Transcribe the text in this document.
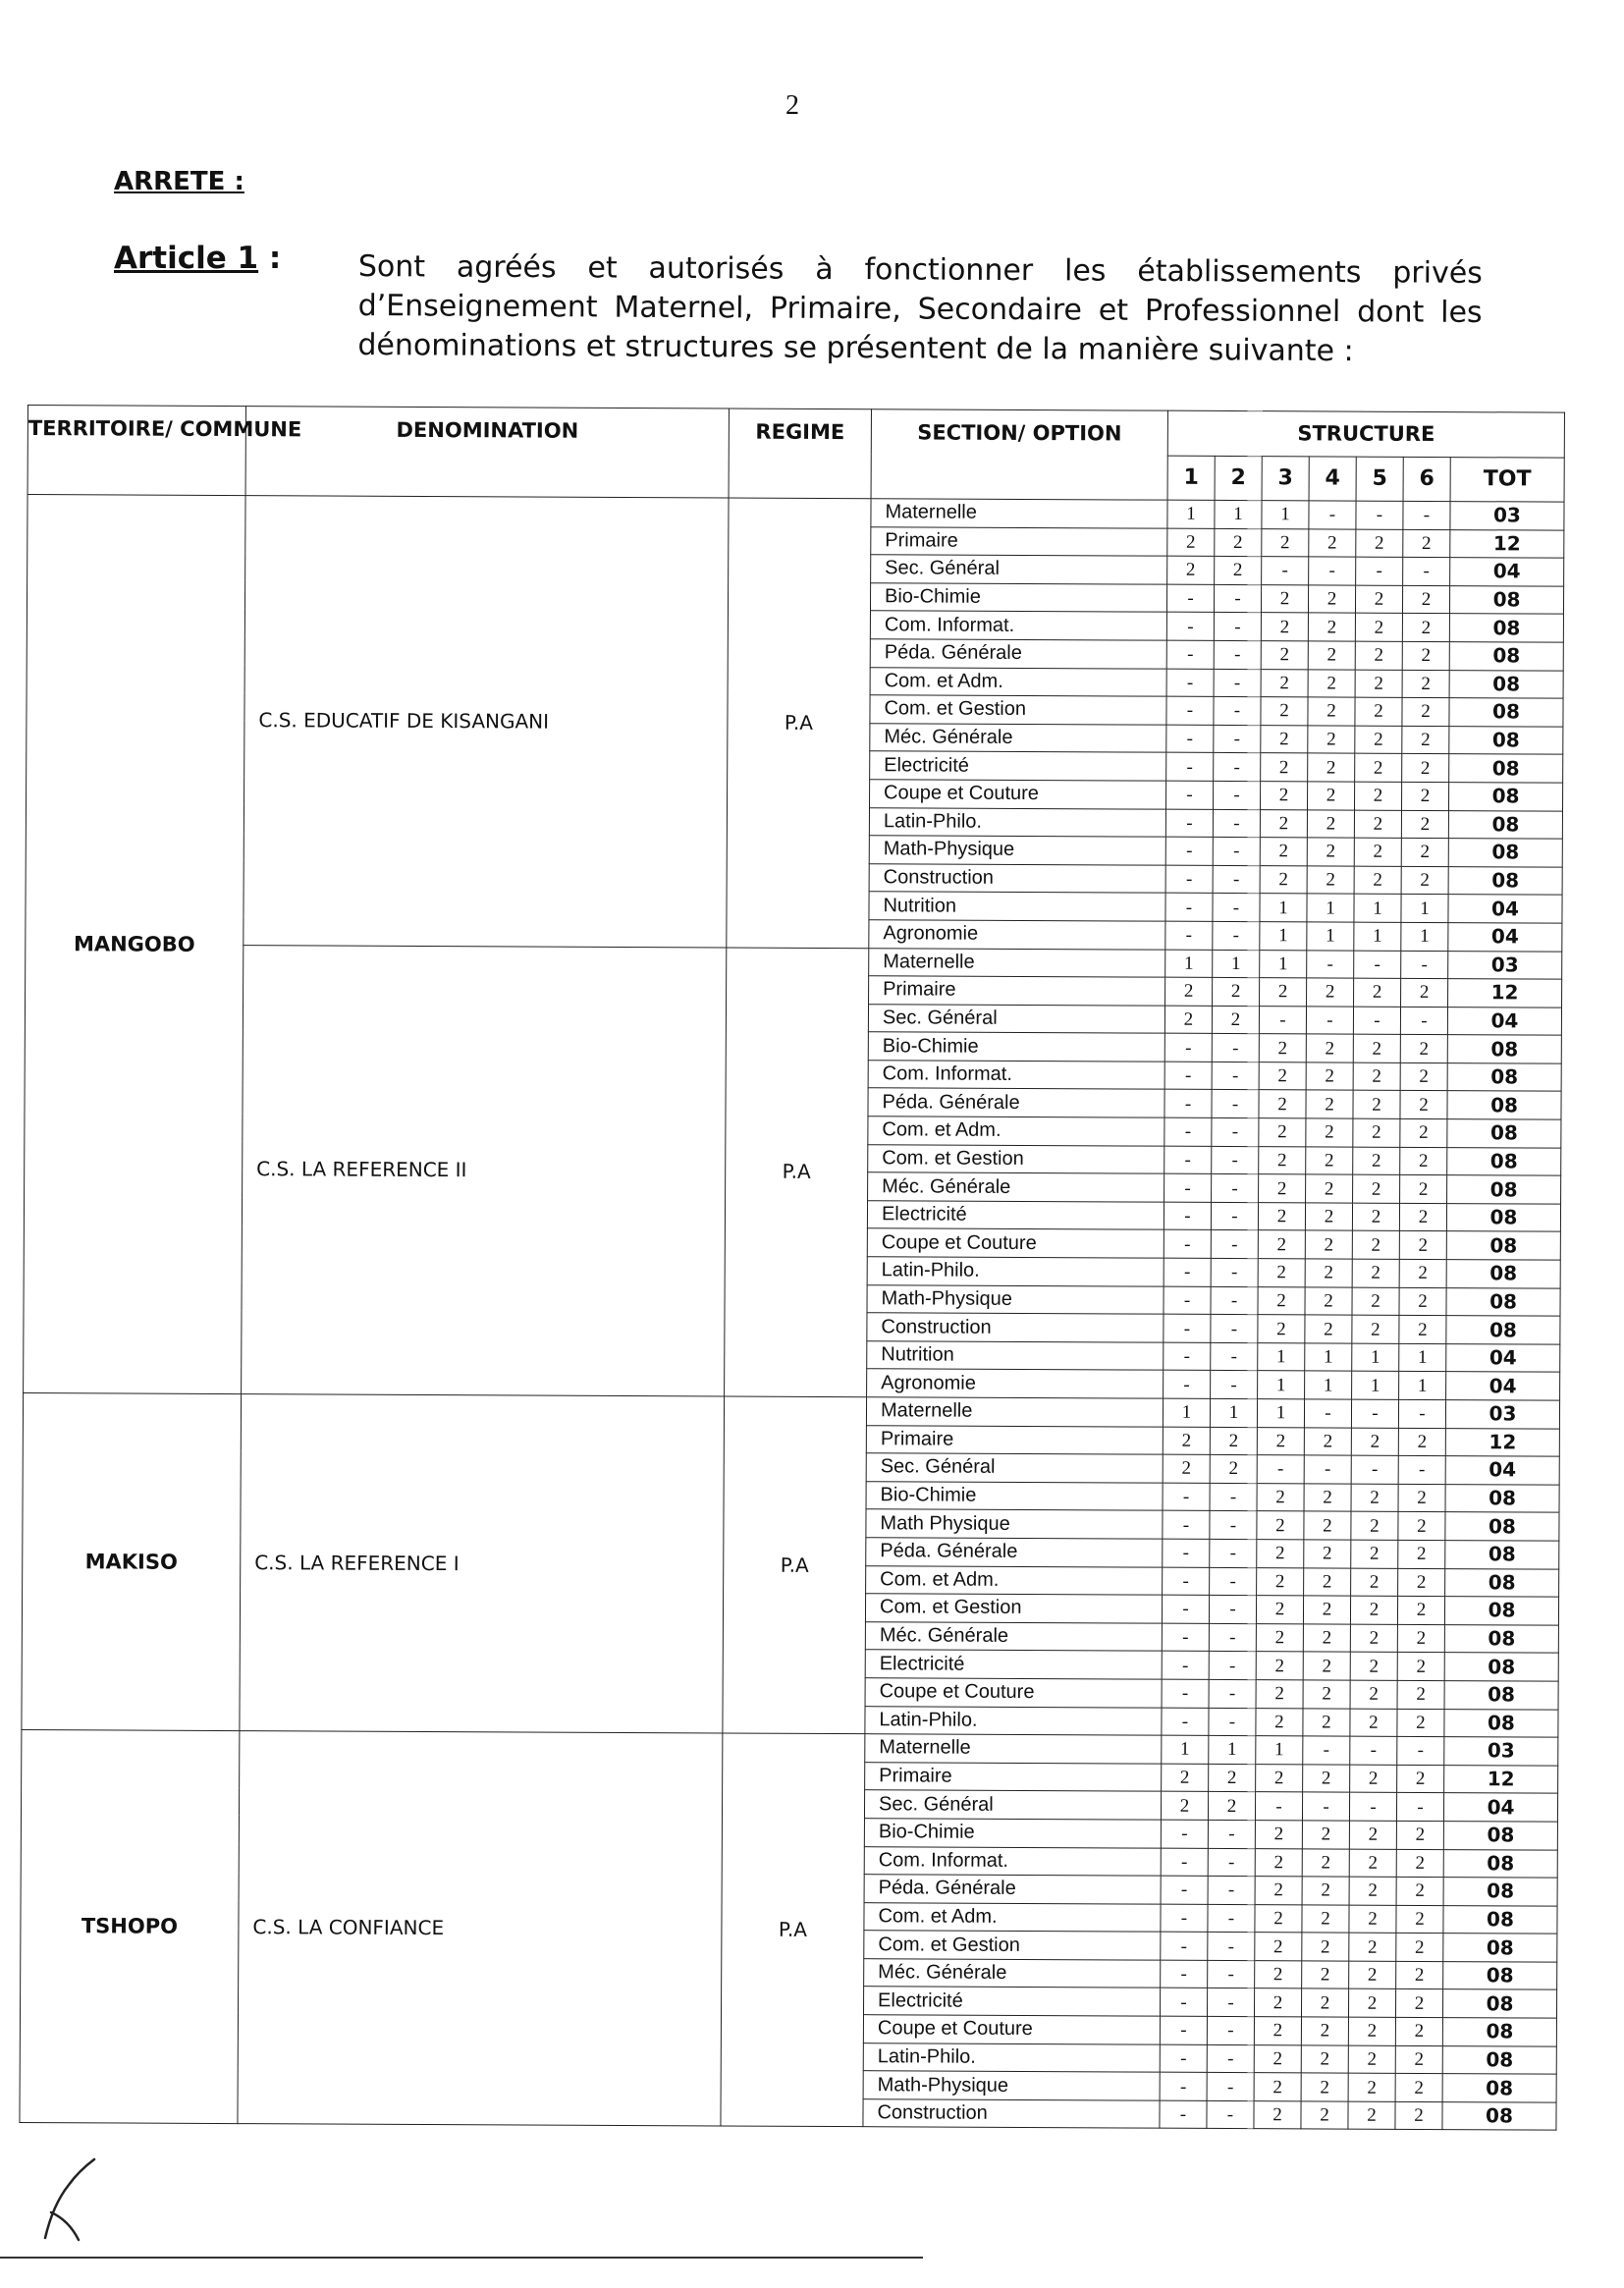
2
ARRETE :
Article 1 :	Sont agréés et autorisés à fonctionner les établissements privés d’Enseignement Maternel, Primaire, Secondaire et Professionnel dont les dénominations et structures se présentent de la manière suivante :
TERRITOIRE/ COMMUNE	DENOMINATION	REGIME	SECTION/ OPTION	STRUCTURE						
				1	2	3	4	5	6	TOT
MANGOBO	C.S. EDUCATIF DE KISANGANI	P.A	Maternelle	1	1	1	-	-	-	03
			Primaire	2	2	2	2	2	2	12
			Sec. Général	2	2	-	-	-	-	04
			Bio-Chimie	-	-	2	2	2	2	08
			Com. Informat.	-	-	2	2	2	2	08
			Péda. Générale	-	-	2	2	2	2	08
			Com. et Adm.	-	-	2	2	2	2	08
			Com. et Gestion	-	-	2	2	2	2	08
			Méc. Générale	-	-	2	2	2	2	08
			Electricité	-	-	2	2	2	2	08
			Coupe et Couture	-	-	2	2	2	2	08
			Latin-Philo.	-	-	2	2	2	2	08
			Math-Physique	-	-	2	2	2	2	08
			Construction	-	-	2	2	2	2	08
			Nutrition	-	-	1	1	1	1	04
			Agronomie	-	-	1	1	1	1	04
	C.S. LA REFERENCE II	P.A	Maternelle	1	1	1	-	-	-	03
			Primaire	2	2	2	2	2	2	12
			Sec. Général	2	2	-	-	-	-	04
			Bio-Chimie	-	-	2	2	2	2	08
			Com. Informat.	-	-	2	2	2	2	08
			Péda. Générale	-	-	2	2	2	2	08
			Com. et Adm.	-	-	2	2	2	2	08
			Com. et Gestion	-	-	2	2	2	2	08
			Méc. Générale	-	-	2	2	2	2	08
			Electricité	-	-	2	2	2	2	08
			Coupe et Couture	-	-	2	2	2	2	08
			Latin-Philo.	-	-	2	2	2	2	08
			Math-Physique	-	-	2	2	2	2	08
			Construction	-	-	2	2	2	2	08
			Nutrition	-	-	1	1	1	1	04
			Agronomie	-	-	1	1	1	1	04
MAKISO	C.S. LA REFERENCE I	P.A	Maternelle	1	1	1	-	-	-	03
			Primaire	2	2	2	2	2	2	12
			Sec. Général	2	2	-	-	-	-	04
			Bio-Chimie	-	-	2	2	2	2	08
			Math Physique	-	-	2	2	2	2	08
			Péda. Générale	-	-	2	2	2	2	08
			Com. et Adm.	-	-	2	2	2	2	08
			Com. et Gestion	-	-	2	2	2	2	08
			Méc. Générale	-	-	2	2	2	2	08
			Electricité	-	-	2	2	2	2	08
			Coupe et Couture	-	-	2	2	2	2	08
			Latin-Philo.	-	-	2	2	2	2	08
TSHOPO	C.S. LA CONFIANCE	P.A	Maternelle	1	1	1	-	-	-	03
			Primaire	2	2	2	2	2	2	12
			Sec. Général	2	2	-	-	-	-	04
			Bio-Chimie	-	-	2	2	2	2	08
			Com. Informat.	-	-	2	2	2	2	08
			Péda. Générale	-	-	2	2	2	2	08
			Com. et Adm.	-	-	2	2	2	2	08
			Com. et Gestion	-	-	2	2	2	2	08
			Méc. Générale	-	-	2	2	2	2	08
			Electricité	-	-	2	2	2	2	08
			Coupe et Couture	-	-	2	2	2	2	08
			Latin-Philo.	-	-	2	2	2	2	08
			Math-Physique	-	-	2	2	2	2	08
			Construction	-	-	2	2	2	2	08
